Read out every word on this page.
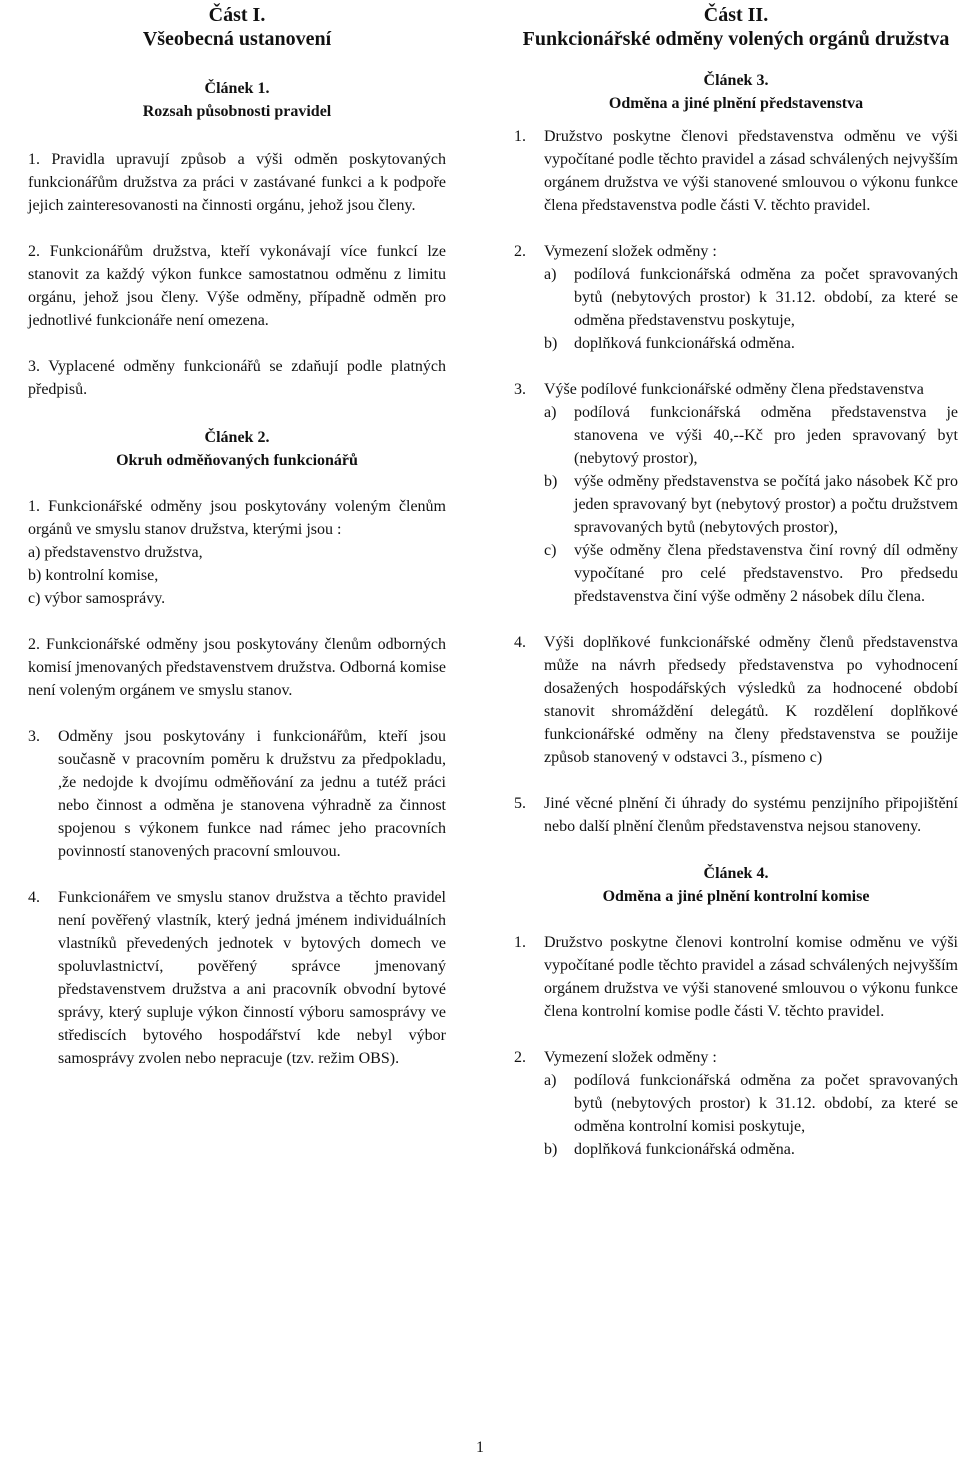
Část I.
Všeobecná ustanovení
Článek 1.
Rozsah působnosti pravidel

1. Pravidla upravují způsob a výši odměn poskytovaných funkcionářům družstva za práci v zastávané funkci a k podpoře jejich zainteresovanosti na činnosti orgánu, jehož jsou členy.

2. Funkcionářům družstva, kteří vykonávají více funkcí lze stanovit za každý výkon funkce samostatnou odměnu z limitu orgánu, jehož jsou členy. Výše odměny, případně odměn pro jednotlivé funkcionáře není omezena.

3. Vyplacené odměny funkcionářů se zdaňují podle platných předpisů.

Článek 2.
Okruh odměňovaných funkcionářů

1. Funkcionářské odměny jsou poskytovány voleným členům orgánů ve smyslu stanov družstva, kterými jsou :

a) představenstvo družstva,

b) kontrolní komise,

c) výbor samosprávy.

2. Funkcionářské odměny jsou poskytovány členům odborných komisí jmenovaných představenstvem družstva. Odborná komise není voleným orgánem ve smyslu stanov.

3.	Odměny jsou poskytovány i funkcionářům, kteří jsou současně v pracovním poměru k družstvu za předpokladu, ,že nedojde k dvojímu odměňování za jednu a tutéž práci nebo činnost a odměna je stanovena výhradně za činnost spojenou s výkonem funkce nad rámec jeho pracovních povinností stanovených pracovní smlouvou.
4.	Funkcionářem ve smyslu stanov družstva a těchto pravidel není pověřený vlastník, který jedná jménem individuálních vlastníků převedených jednotek v bytových domech ve spoluvlastnictví, pověřený správce jmenovaný představenstvem družstva a ani pracovník obvodní bytové správy, který supluje výkon činností výboru samosprávy ve střediscích bytového hospodářství kde nebyl výbor samosprávy zvolen nebo nepracuje (tzv. režim OBS).
Část II.
Funkcionářské odměny volených orgánů družstva
Článek 3.
Odměna a jiné plnění představenstva
1.	Družstvo poskytne členovi představenstva odměnu ve výši vypočítané podle těchto pravidel a zásad schválených nejvyšším orgánem družstva ve výši stanovené smlouvou o výkonu funkce člena představenstva podle části V. těchto pravidel.
2.	Vymezení složek odměny :
a)	podílová funkcionářská odměna za počet spravovaných bytů (nebytových prostor) k 31.12. období, za které se odměna představenstvu poskytuje,
b)	doplňková funkcionářská odměna.
3.	Výše podílové funkcionářské odměny člena představenstva
a)	podílová funkcionářská odměna představenstva je stanovena ve výši 40,--Kč pro jeden spravovaný byt (nebytový prostor),
b)	výše odměny představenstva se počítá jako násobek Kč pro jeden spravovaný byt (nebytový prostor) a počtu družstvem spravovaných bytů (nebytových prostor),
c)	výše odměny člena představenstva činí rovný díl odměny vypočítané pro celé představenstvo. Pro předsedu představenstva činí výše odměny 2 násobek dílu člena.
4.	Výši doplňkové funkcionářské odměny členů představenstva může na návrh předsedy představenstva po vyhodnocení dosažených hospodářských výsledků za hodnocené období stanovit shromáždění delegátů. K rozdělení doplňkové funkcionářské odměny na členy představenstva se použije způsob stanovený v odstavci 3., písmeno c)
5.	Jiné věcné plnění či úhrady do systému penzijního připojištění nebo další plnění členům představenstva nejsou stanoveny.
Článek 4.
Odměna a jiné plnění kontrolní komise
1.	Družstvo poskytne členovi kontrolní komise odměnu ve výši vypočítané podle těchto pravidel a zásad schválených nejvyšším orgánem družstva ve výši stanovené smlouvou o výkonu funkce člena kontrolní komise podle části V. těchto pravidel.
2.	Vymezení složek odměny :
a)	podílová funkcionářská odměna za počet spravovaných bytů (nebytových prostor) k 31.12. období, za které se odměna kontrolní komisi poskytuje,
b)	doplňková funkcionářská odměna.
1
